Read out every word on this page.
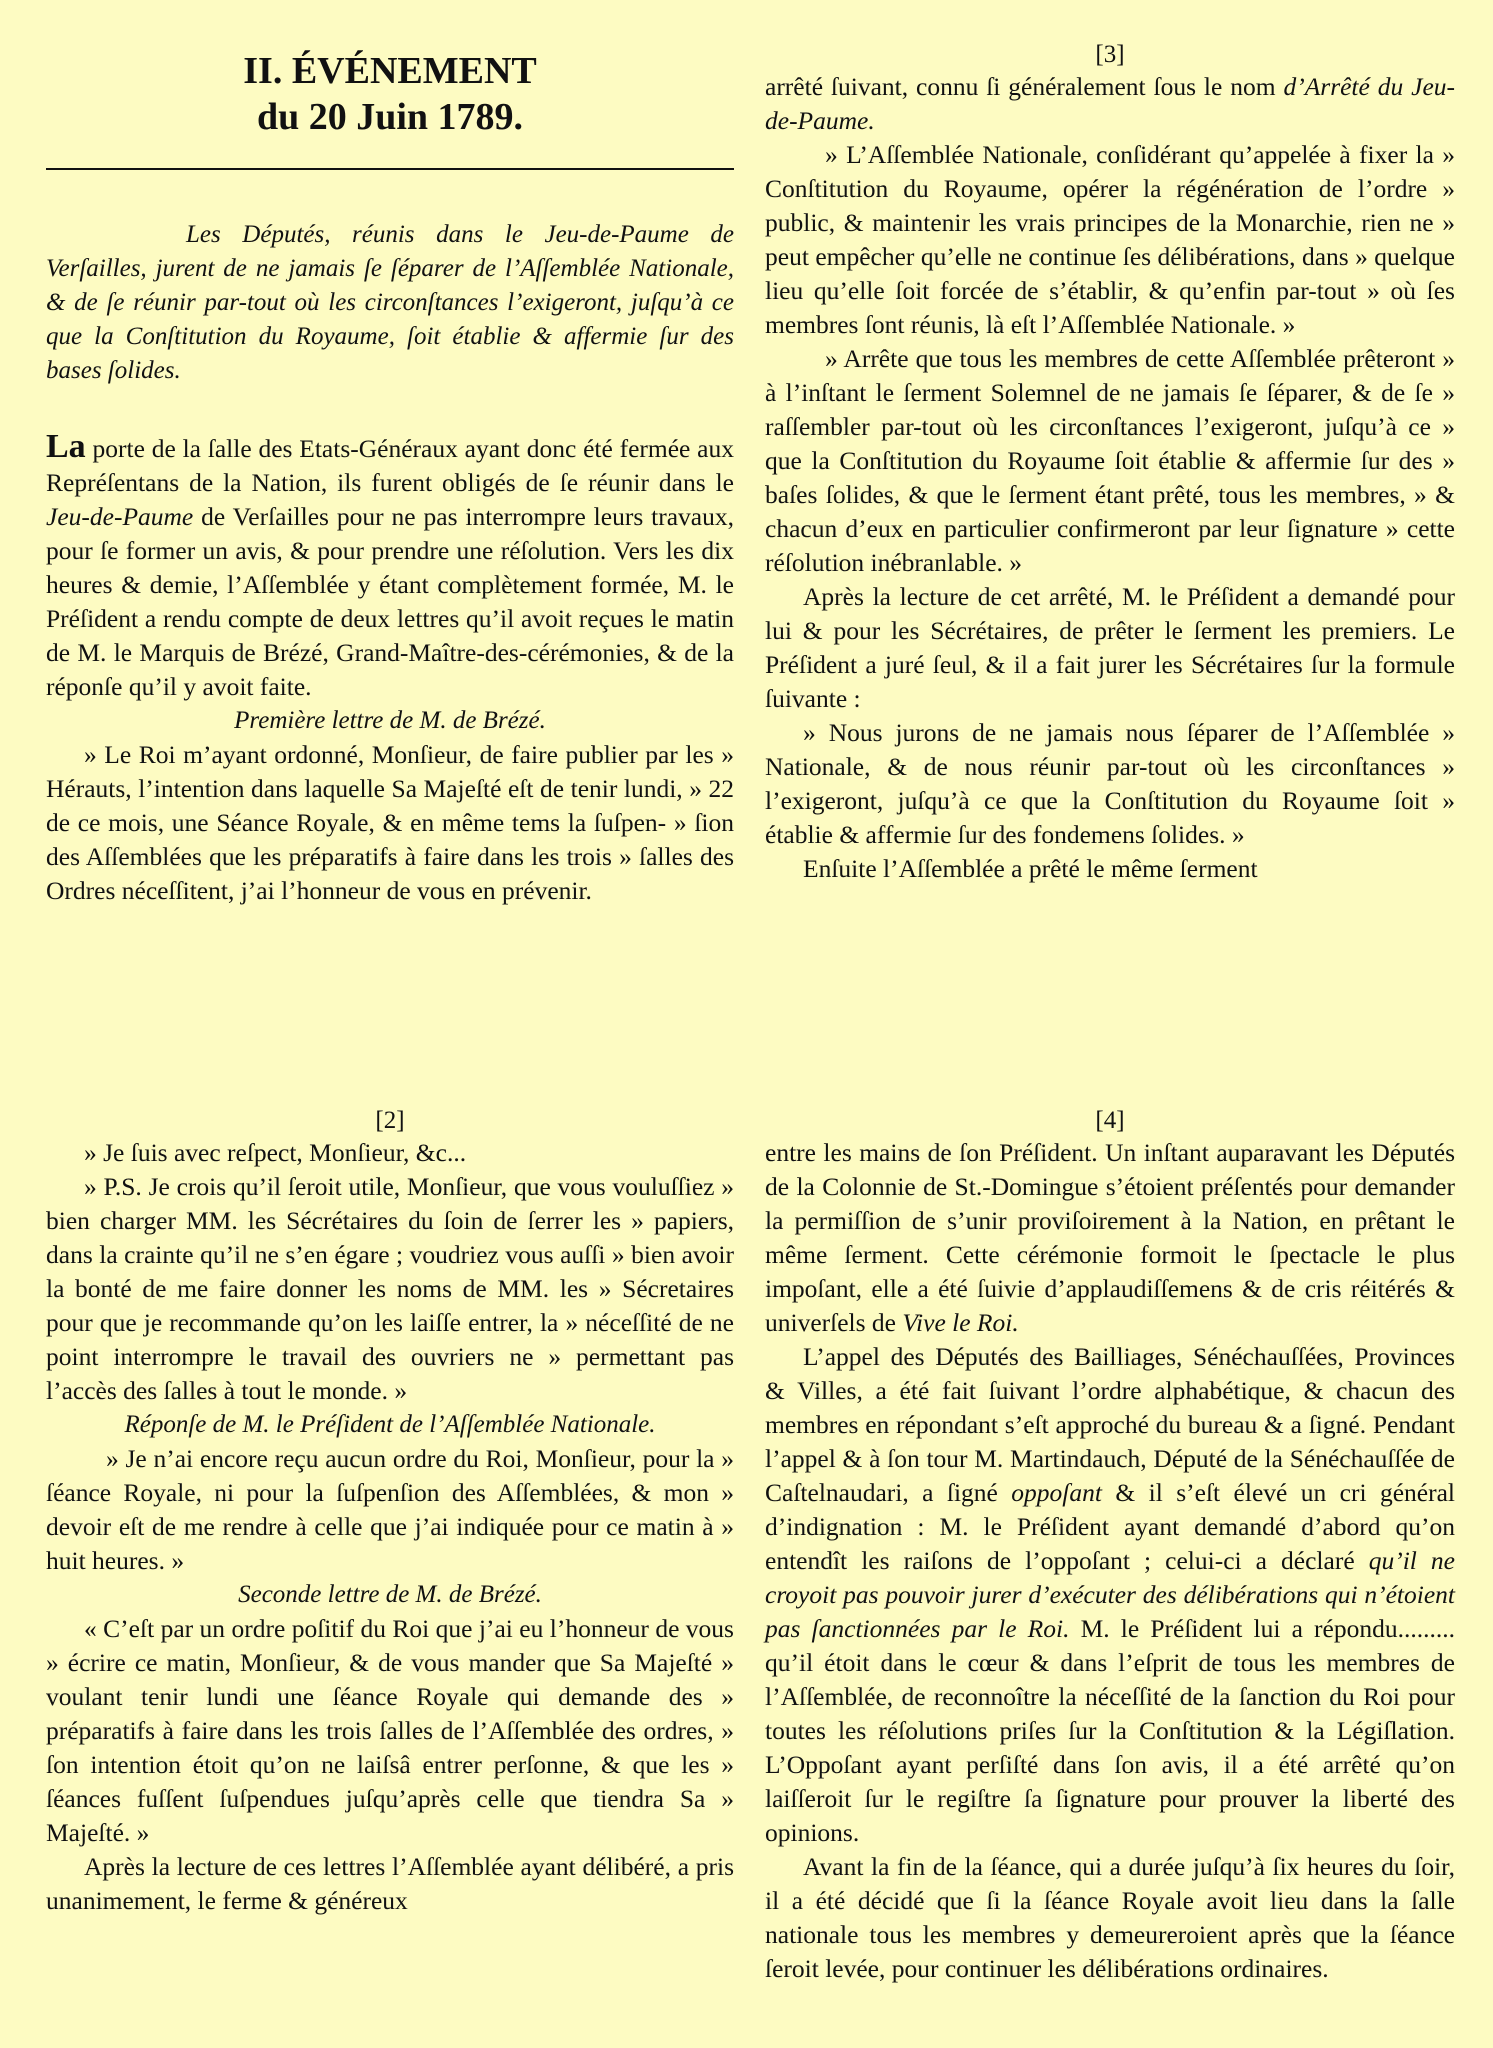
II. ÉVÉNEMENT
du 20 Juin 1789.

Les Députés, réunis dans le Jeu-de-Paume de Verſailles, jurent de ne jamais ſe ſéparer de l’Aſſemblée Nationale, & de ſe réunir par-tout où les circonſtances l’exigeront, juſqu’à ce que la Conſtitution du Royaume, ſoit établie & affermie ſur des bases ſolides.

La porte de la ſalle des Etats-Généraux ayant donc été fermée aux Repréſentans de la Nation, ils furent obligés de ſe réunir dans le Jeu-de-Paume de Verſailles pour ne pas interrompre leurs travaux, pour ſe former un avis, & pour prendre une réſolution. Vers les dix heures & demie, l’Aſſemblée y étant complètement formée, M. le Préſident a rendu compte de deux lettres qu’il avoit reçues le matin de M. le Marquis de Brézé, Grand-Maître-des-cérémonies, & de la réponſe qu’il y avoit faite.

Première lettre de M. de Brézé.

» Le Roi m’ayant ordonné, Monſieur, de faire publier par les » Hérauts, l’intention dans laquelle Sa Majeſté eſt de tenir lundi, » 22 de ce mois, une Séance Royale, & en même tems la ſuſpen- » ſion des Aſſemblées que les préparatifs à faire dans les trois » ſalles des Ordres néceſſitent, j’ai l’honneur de vous en prévenir.

[3]

arrêté ſuivant, connu ſi généralement ſous le nom d’Arrêté du Jeu-de-Paume.

» L’Aſſemblée Nationale, conſidérant qu’appelée à fixer la » Conſtitution du Royaume, opérer la régénération de l’ordre » public, & maintenir les vrais principes de la Monarchie, rien ne » peut empêcher qu’elle ne continue ſes délibérations, dans » quelque lieu qu’elle ſoit forcée de s’établir, & qu’enfin par-tout » où ſes membres ſont réunis, là eſt l’Aſſemblée Nationale. »

» Arrête que tous les membres de cette Aſſemblée prêteront » à l’inſtant le ſerment Solemnel de ne jamais ſe ſéparer, & de ſe » raſſembler par-tout où les circonſtances l’exigeront, juſqu’à ce » que la Conſtitution du Royaume ſoit établie & affermie ſur des » baſes ſolides, & que le ſerment étant prêté, tous les membres, » & chacun d’eux en particulier confirmeront par leur ſignature » cette réſolution inébranlable. »

Après la lecture de cet arrêté, M. le Préſident a demandé pour lui & pour les Sécrétaires, de prêter le ſerment les premiers. Le Préſident a juré ſeul, & il a fait jurer les Sécrétaires ſur la formule ſuivante :

» Nous jurons de ne jamais nous ſéparer de l’Aſſemblée » Nationale, & de nous réunir par-tout où les circonſtances » l’exigeront, juſqu’à ce que la Conſtitution du Royaume ſoit » établie & affermie ſur des fondemens ſolides. »

Enſuite l’Aſſemblée a prêté le même ſerment

[2]

» Je ſuis avec reſpect, Monſieur, &c...

» P.S. Je crois qu’il ſeroit utile, Monſieur, que vous vouluſſiez » bien charger MM. les Sécrétaires du ſoin de ſerrer les » papiers, dans la crainte qu’il ne s’en égare ; voudriez vous auſſi » bien avoir la bonté de me faire donner les noms de MM. les » Sécretaires pour que je recommande qu’on les laiſſe entrer, la » néceſſité de ne point interrompre le travail des ouvriers ne » permettant pas l’accès des ſalles à tout le monde. »

Réponſe de M. le Préſident de l’Aſſemblée Nationale.

» Je n’ai encore reçu aucun ordre du Roi, Monſieur, pour la » ſéance Royale, ni pour la ſuſpenſion des Aſſemblées, & mon » devoir eſt de me rendre à celle que j’ai indiquée pour ce matin à » huit heures. »

Seconde lettre de M. de Brézé.

« C’eſt par un ordre poſitif du Roi que j’ai eu l’honneur de vous » écrire ce matin, Monſieur, & de vous mander que Sa Majeſté » voulant tenir lundi une ſéance Royale qui demande des » préparatifs à faire dans les trois ſalles de l’Aſſemblée des ordres, » ſon intention étoit qu’on ne laiſsâ entrer perſonne, & que les » ſéances fuſſent ſuſpendues juſqu’après celle que tiendra Sa » Majeſté. »

Après la lecture de ces lettres l’Aſſemblée ayant délibéré, a pris unanimement, le ferme & généreux

[4]

entre les mains de ſon Préſident. Un inſtant auparavant les Députés de la Colonnie de St.-Domingue s’étoient préſentés pour demander la permiſſion de s’unir proviſoirement à la Nation, en prêtant le même ſerment. Cette cérémonie formoit le ſpectacle le plus impoſant, elle a été ſuivie d’applaudiſſemens & de cris réitérés & univerſels de Vive le Roi.

L’appel des Députés des Bailliages, Sénéchauſſées, Provinces & Villes, a été fait ſuivant l’ordre alphabétique, & chacun des membres en répondant s’eſt approché du bureau & a ſigné. Pendant l’appel & à ſon tour M. Martindauch, Député de la Sénéchauſſée de Caſtelnaudari, a ſigné oppoſant & il s’eſt élevé un cri général d’indignation : M. le Préſident ayant demandé d’abord qu’on entendît les raiſons de l’oppoſant ; celui-ci a déclaré qu’il ne croyoit pas pouvoir jurer d’exécuter des délibérations qui n’étoient pas ſanctionnées par le Roi. M. le Préſident lui a répondu......... qu’il étoit dans le cœur & dans l’eſprit de tous les membres de l’Aſſemblée, de reconnoître la néceſſité de la ſanction du Roi pour toutes les réſolutions priſes ſur la Conſtitution & la Légiſlation. L’Oppoſant ayant perſiſté dans ſon avis, il a été arrêté qu’on laiſſeroit ſur le regiſtre ſa ſignature pour prouver la liberté des opinions.

Avant la fin de la ſéance, qui a durée juſqu’à ſix heures du ſoir, il a été décidé que ſi la ſéance Royale avoit lieu dans la ſalle nationale tous les membres y demeureroient après que la ſéance ſeroit levée, pour continuer les délibérations ordinaires.
